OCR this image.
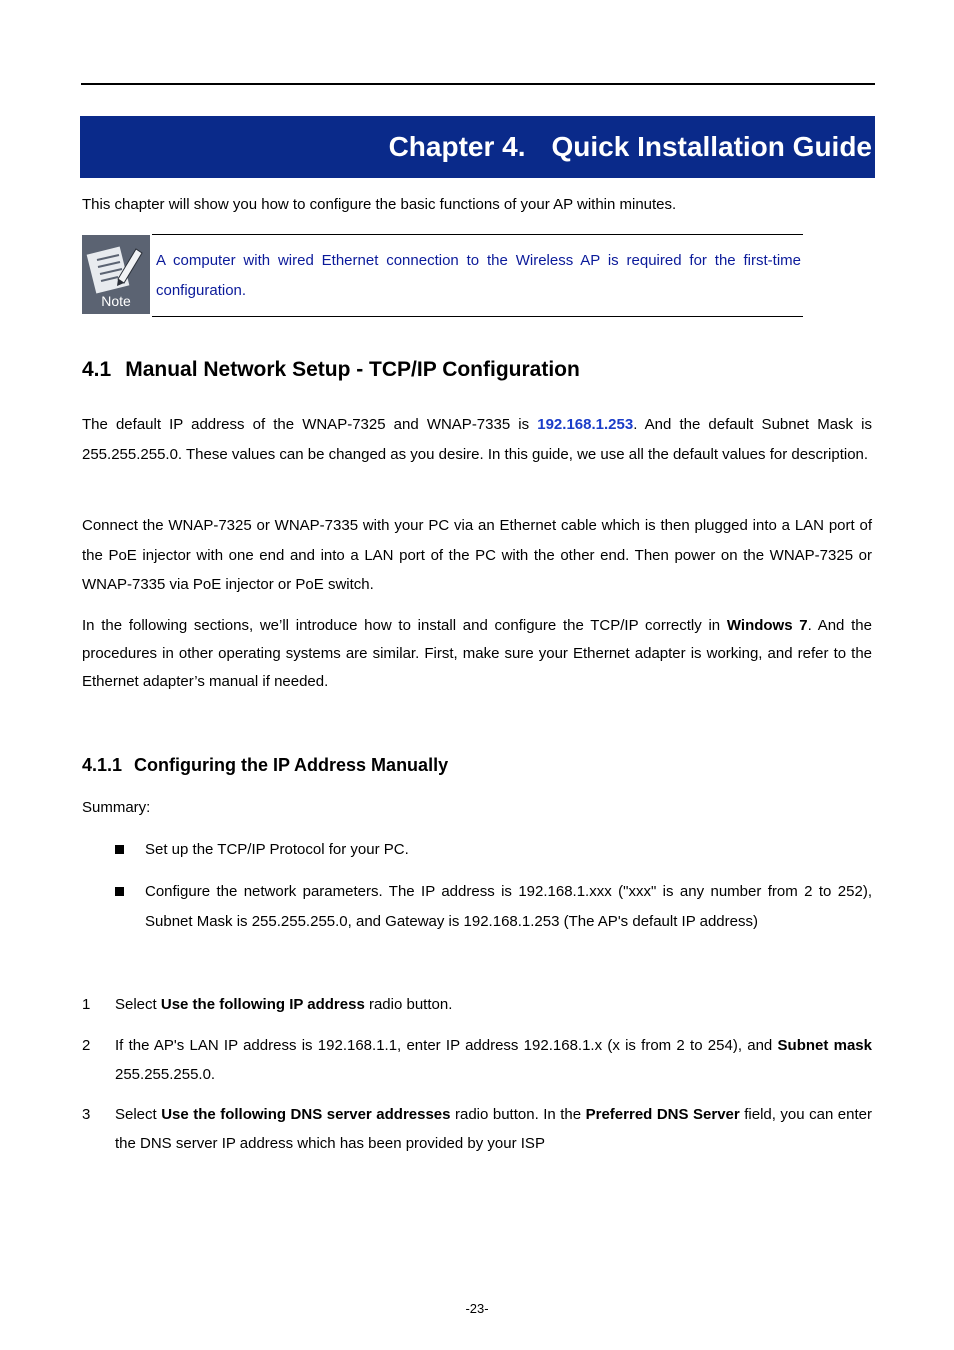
Chapter 4. Quick Installation Guide

This chapter will show you how to configure the basic functions of your AP within minutes.

Note

A computer with wired Ethernet connection to the Wireless AP is required for the first-time configuration.

4.1 Manual Network Setup - TCP/IP Configuration

The default IP address of the WNAP-7325 and WNAP-7335 is 192.168.1.253. And the default Subnet Mask is 255.255.255.0. These values can be changed as you desire. In this guide, we use all the default values for description.

Connect the WNAP-7325 or WNAP-7335 with your PC via an Ethernet cable which is then plugged into a LAN port of the PoE injector with one end and into a LAN port of the PC with the other end. Then power on the WNAP-7325 or WNAP-7335 via PoE injector or PoE switch.

In the following sections, we’ll introduce how to install and configure the TCP/IP correctly in Windows 7. And the procedures in other operating systems are similar. First, make sure your Ethernet adapter is working, and refer to the Ethernet adapter’s manual if needed.

4.1.1 Configuring the IP Address Manually

Summary:

Set up the TCP/IP Protocol for your PC.
Configure the network parameters. The IP address is 192.168.1.xxx ("xxx" is any number from 2 to 252), Subnet Mask is 255.255.255.0, and Gateway is 192.168.1.253 (The AP's default IP address)
1 Select Use the following IP address radio button.
2 If the AP's LAN IP address is 192.168.1.1, enter IP address 192.168.1.x (x is from 2 to 254), and Subnet mask 255.255.255.0.
3 Select Use the following DNS server addresses radio button. In the Preferred DNS Server field, you can enter the DNS server IP address which has been provided by your ISP
-23-
